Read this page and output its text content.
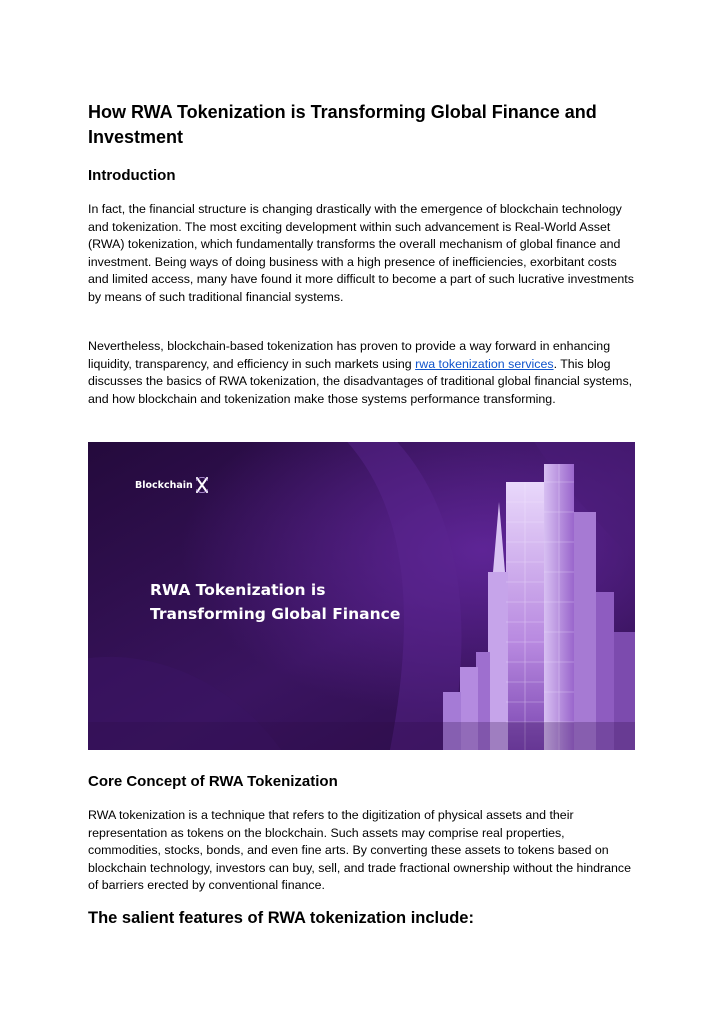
How RWA Tokenization is Transforming Global Finance and Investment
Introduction

In fact, the financial structure is changing drastically with the emergence of blockchain technology and tokenization. The most exciting development within such advancement is Real-World Asset (RWA) tokenization, which fundamentally transforms the overall mechanism of global finance and investment. Being ways of doing business with a high presence of inefficiencies, exorbitant costs and limited access, many have found it more difficult to become a part of such lucrative investments by means of such traditional financial systems.

Nevertheless, blockchain-based tokenization has proven to provide a way forward in enhancing liquidity, transparency, and efficiency in such markets using rwa tokenization services. This blog discusses the basics of RWA tokenization, the disadvantages of traditional global financial systems, and how blockchain and tokenization make those systems performance transforming.

Blockchain
RWA Tokenization is
Transforming Global Finance
Core Concept of RWA Tokenization

RWA tokenization is a technique that refers to the digitization of physical assets and their representation as tokens on the blockchain. Such assets may comprise real properties, commodities, stocks, bonds, and even fine arts. By converting these assets to tokens based on blockchain technology, investors can buy, sell, and trade fractional ownership without the hindrance of barriers erected by conventional finance.

The salient features of RWA tokenization include:
